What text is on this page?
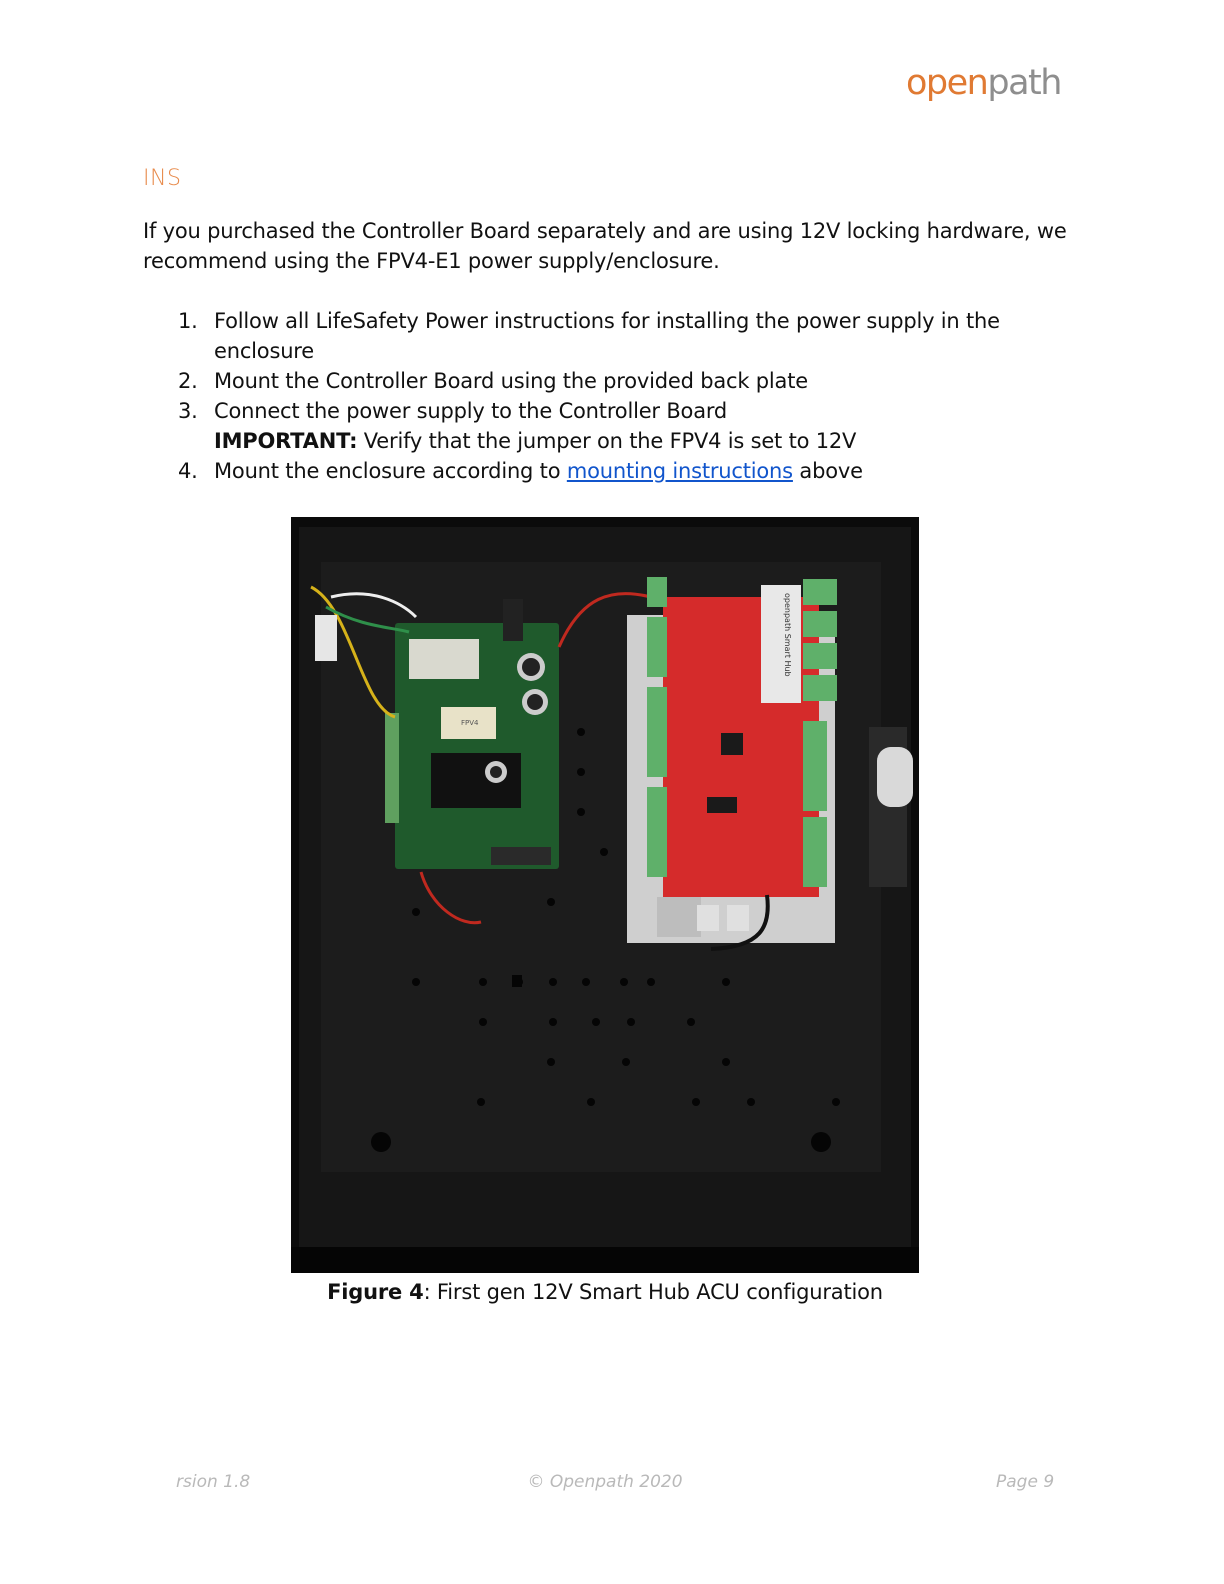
openpath
INS
If you purchased the Controller Board separately and are using 12V locking hardware, we recommend using the FPV4-E1 power supply/enclosure.
1. Follow all LifeSafety Power instructions for installing the power supply in the
enclosure
2. Mount the Controller Board using the provided back plate
3. Connect the power supply to the Controller Board
IMPORTANT: Verify that the jumper on the FPV4 is set to 12V
4. Mount the enclosure according to mounting instructions above
FPV4
openpath Smart Hub
Figure 4: First gen 12V Smart Hub ACU configuration
rsion 1.8	© Openpath 2020	Page 9
